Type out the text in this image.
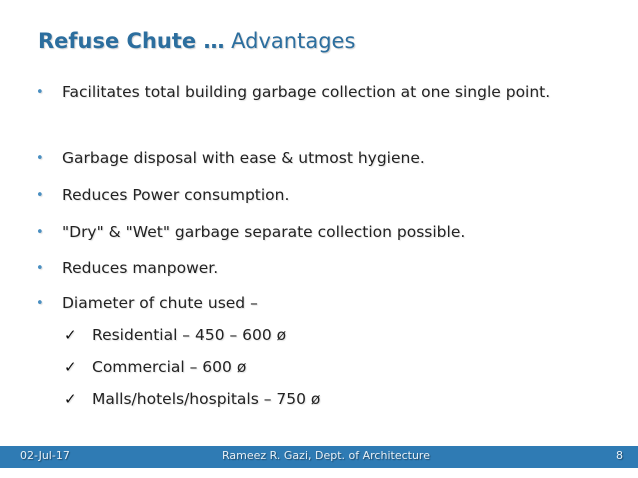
Refuse Chute … Advantages
• Facilitates total building garbage collection at one single point.
• Garbage disposal with ease & utmost hygiene.
• Reduces Power consumption.
• "Dry" & "Wet" garbage separate collection possible.
• Reduces manpower.
• Diameter of chute used –
✓ Residential – 450 – 600 ø
✓ Commercial – 600 ø
✓ Malls/hotels/hospitals – 750 ø
02-Jul-17	Rameez R. Gazi, Dept. of Architecture	8
